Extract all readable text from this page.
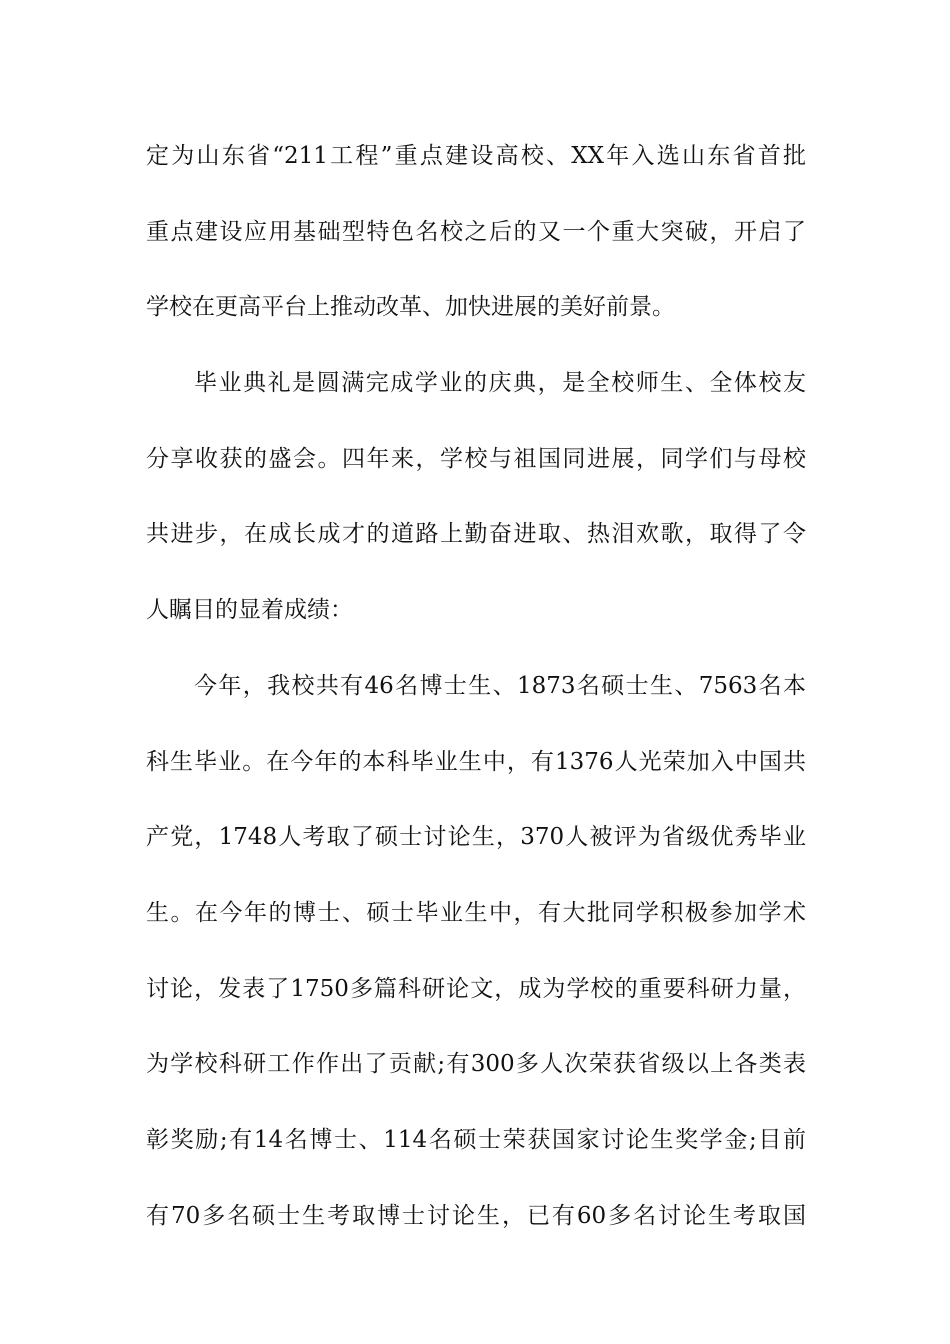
定为山东省“211工程”重点建设高校、XX年入选山东省首批
重点建设应用基础型特色名校之后的又一个重大突破，开启了
学校在更高平台上推动改革、加快进展的美好前景。
毕业典礼是圆满完成学业的庆典，是全校师生、全体校友
分享收获的盛会。四年来，学校与祖国同进展，同学们与母校
共进步，在成长成才的道路上勤奋进取、热泪欢歌，取得了令
人瞩目的显着成绩：
今年，我校共有46名博士生、1873名硕士生、7563名本
科生毕业。在今年的本科毕业生中，有1376人光荣加入中国共
产党，1748人考取了硕士讨论生，370人被评为省级优秀毕业
生。在今年的博士、硕士毕业生中，有大批同学积极参加学术
讨论，发表了1750多篇科研论文，成为学校的重要科研力量，
为学校科研工作作出了贡献;有300多人次荣获省级以上各类表
彰奖励;有14名博士、114名硕士荣获国家讨论生奖学金;目前
有70多名硕士生考取博士讨论生，已有60多名讨论生考取国
